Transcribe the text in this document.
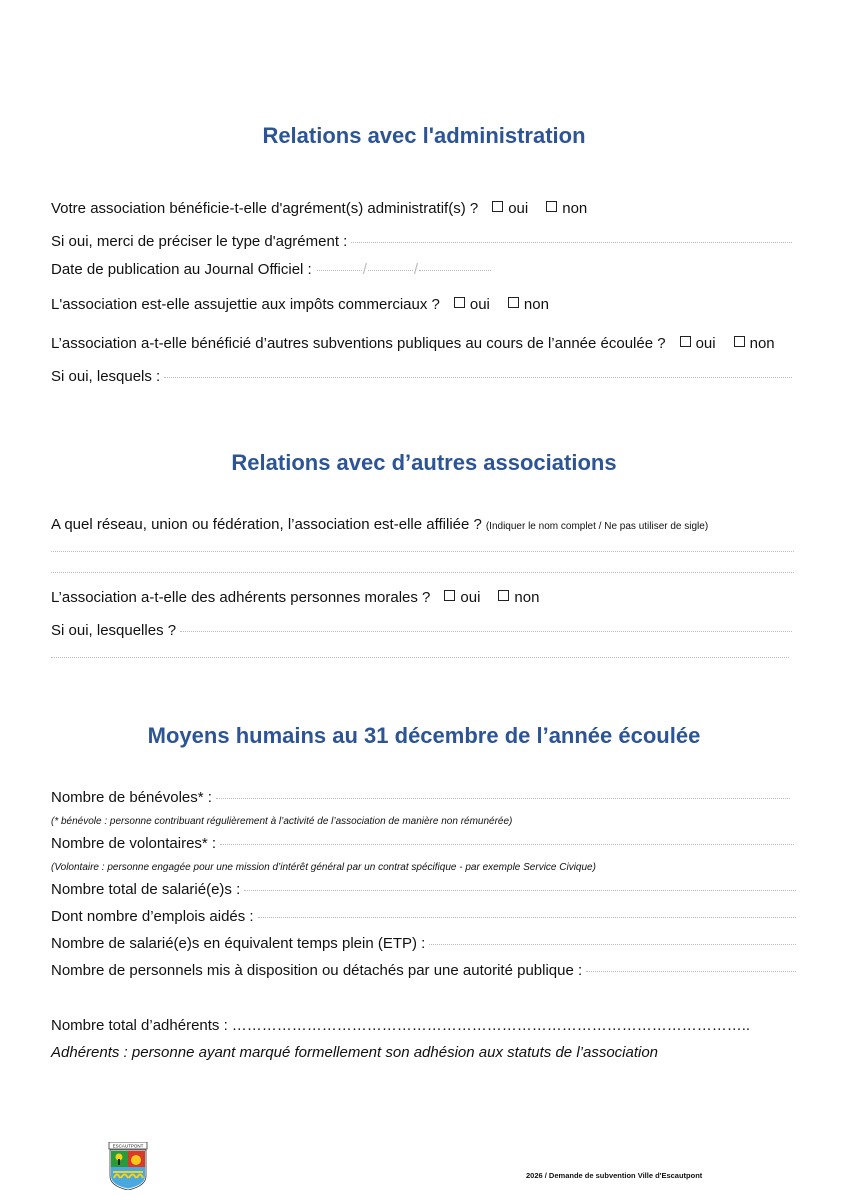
Relations avec l'administration
Votre association bénéficie-t-elle d'agrément(s) administratif(s) ? oui non
Si oui, merci de préciser le type d'agrément :
Date de publication au Journal Officiel :	/	/
L'association est-elle assujettie aux impôts commerciaux ? oui non
L’association a-t-elle bénéficié d’autres subventions publiques au cours de l’année écoulée ? oui non
Si oui, lesquels :
Relations avec d’autres associations
A quel réseau, union ou fédération, l’association est-elle affiliée ? (Indiquer le nom complet / Ne pas utiliser de sigle)
L’association a-t-elle des adhérents personnes morales ? oui non
Si oui, lesquelles ?
Moyens humains au 31 décembre de l’année écoulée
Nombre de bénévoles* :
(* bénévole : personne contribuant régulièrement à l’activité de l’association de manière non rémunérée)
Nombre de volontaires* :
(Volontaire : personne engagée pour une mission d’intérêt général par un contrat spécifique - par exemple Service Civique)
Nombre total de salarié(e)s :
Dont nombre d’emplois aidés :
Nombre de salarié(e)s en équivalent temps plein (ETP) :
Nombre de personnels mis à disposition ou détachés par une autorité publique :
Nombre total d’adhérents : …………………………………………………………………………………………..
Adhérents : personne ayant marqué formellement son adhésion aux statuts de l’association
ESCAUTPONT
2026 / Demande de subvention Ville d'Escautpont
